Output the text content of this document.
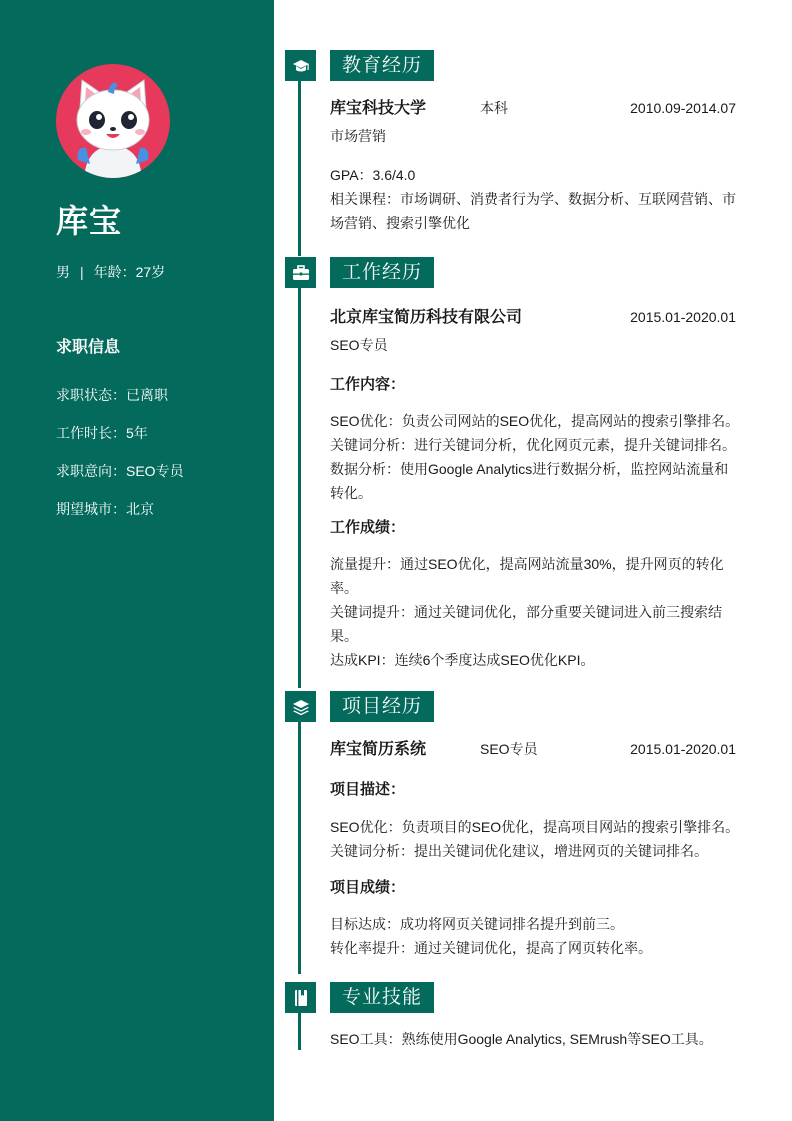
库宝
男 | 年龄：27岁
求职信息
求职状态：已离职
工作时长：5年
求职意向：SEO专员
期望城市：北京
教育经历
库宝科技大学	本科	2010.09-2014.07
市场营销
GPA：3.6/4.0
相关课程：市场调研、消费者行为学、数据分析、互联网营销、市
场营销、搜索引擎优化
工作经历
北京库宝简历科技有限公司	2015.01-2020.01
SEO专员
工作内容：
SEO优化：负责公司网站的SEO优化，提高网站的搜索引擎排名。
关键词分析：进行关键词分析，优化网页元素，提升关键词排名。
数据分析：使用Google Analytics进行数据分析，监控网站流量和
转化。
工作成绩：
流量提升：通过SEO优化，提高网站流量30%，提升网页的转化
率。
关键词提升：通过关键词优化，部分重要关键词进入前三搜索结
果。
达成KPI：连续6个季度达成SEO优化KPI。
项目经历
库宝简历系统	SEO专员	2015.01-2020.01
项目描述：
SEO优化：负责项目的SEO优化，提高项目网站的搜索引擎排名。
关键词分析：提出关键词优化建议，增进网页的关键词排名。
项目成绩：
目标达成：成功将网页关键词排名提升到前三。
转化率提升：通过关键词优化，提高了网页转化率。
专业技能
SEO工具：熟练使用Google Analytics, SEMrush等SEO工具。
